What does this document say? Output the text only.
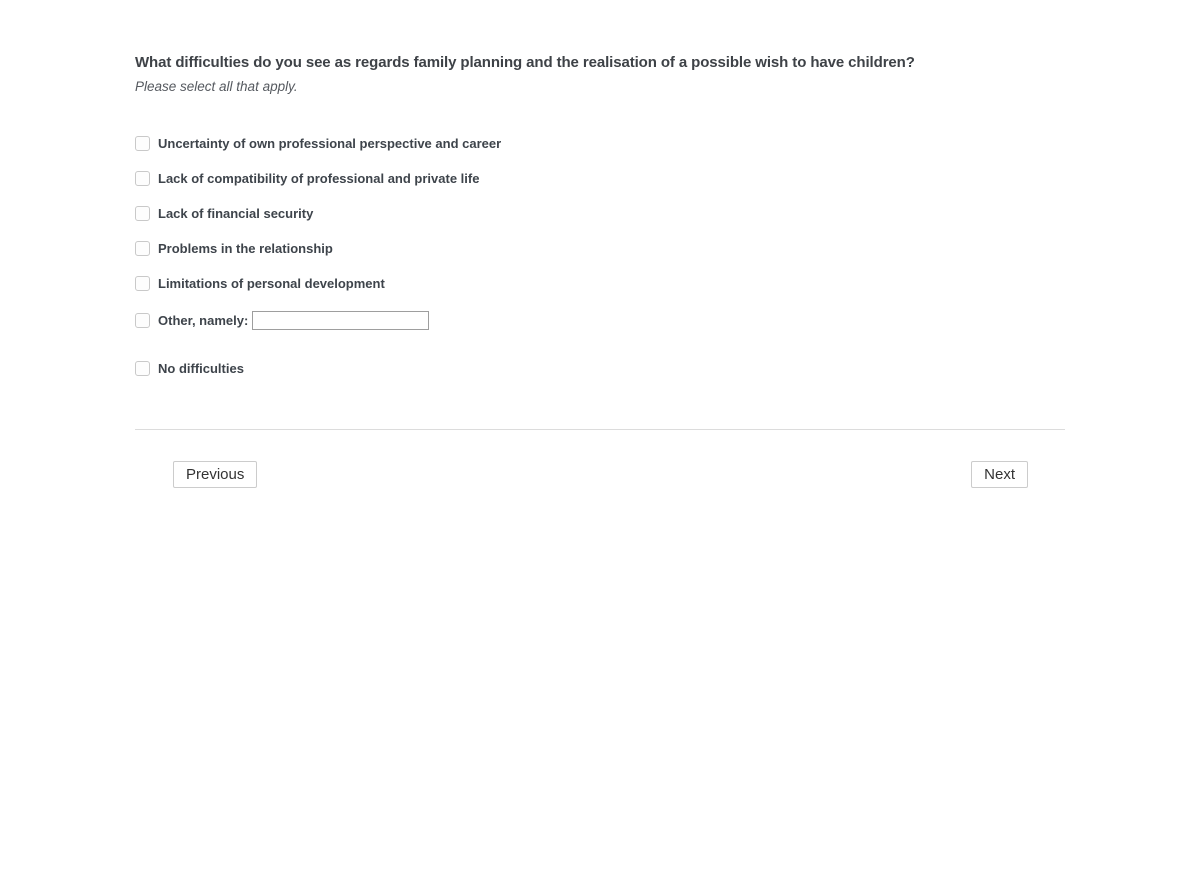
What difficulties do you see as regards family planning and the realisation of a possible wish to have children?

Please select all that apply.

Uncertainty of own professional perspective and career
Lack of compatibility of professional and private life
Lack of financial security
Problems in the relationship
Limitations of personal development
Other, namely:
No difficulties
Previous	Next
